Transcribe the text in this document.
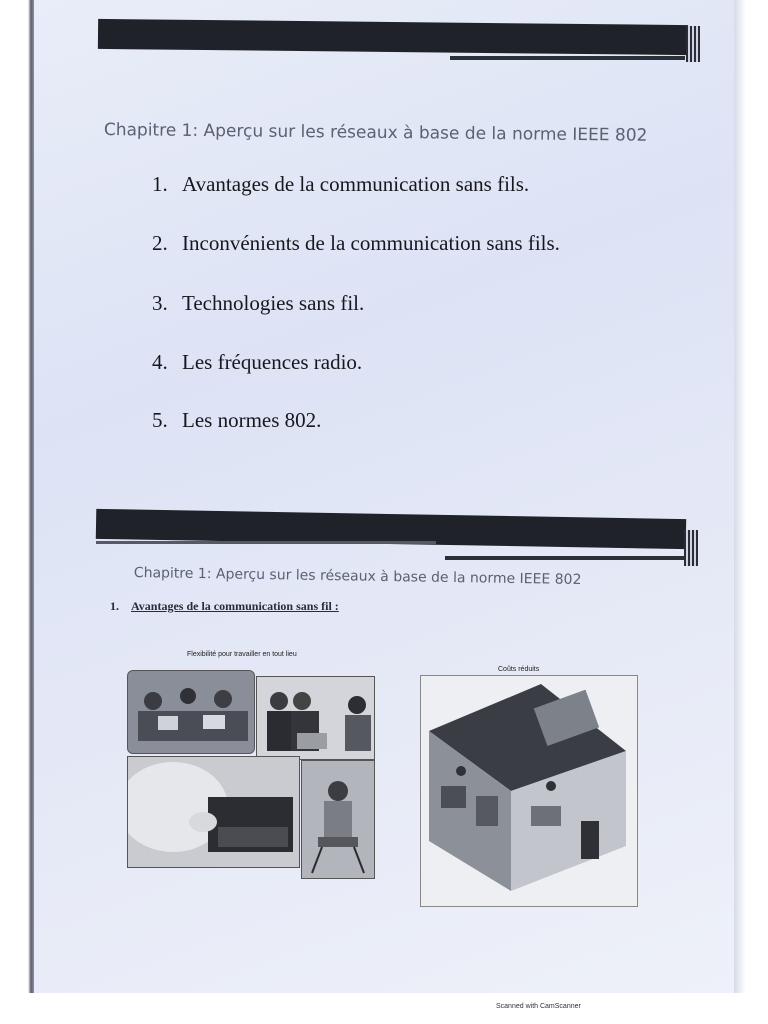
Chapitre 1: Aperçu sur les réseaux à base de la norme IEEE 802
1. Avantages de la communication sans fils.
2. Inconvénients de la communication sans fils.
3. Technologies sans fil.
4. Les fréquences radio.
5. Les normes 802.
Chapitre 1: Aperçu sur les réseaux à base de la norme IEEE 802
1. Avantages de la communication sans fil :
Flexibilité pour travailler en tout lieu
Coûts réduits
Scanned with CamScanner
